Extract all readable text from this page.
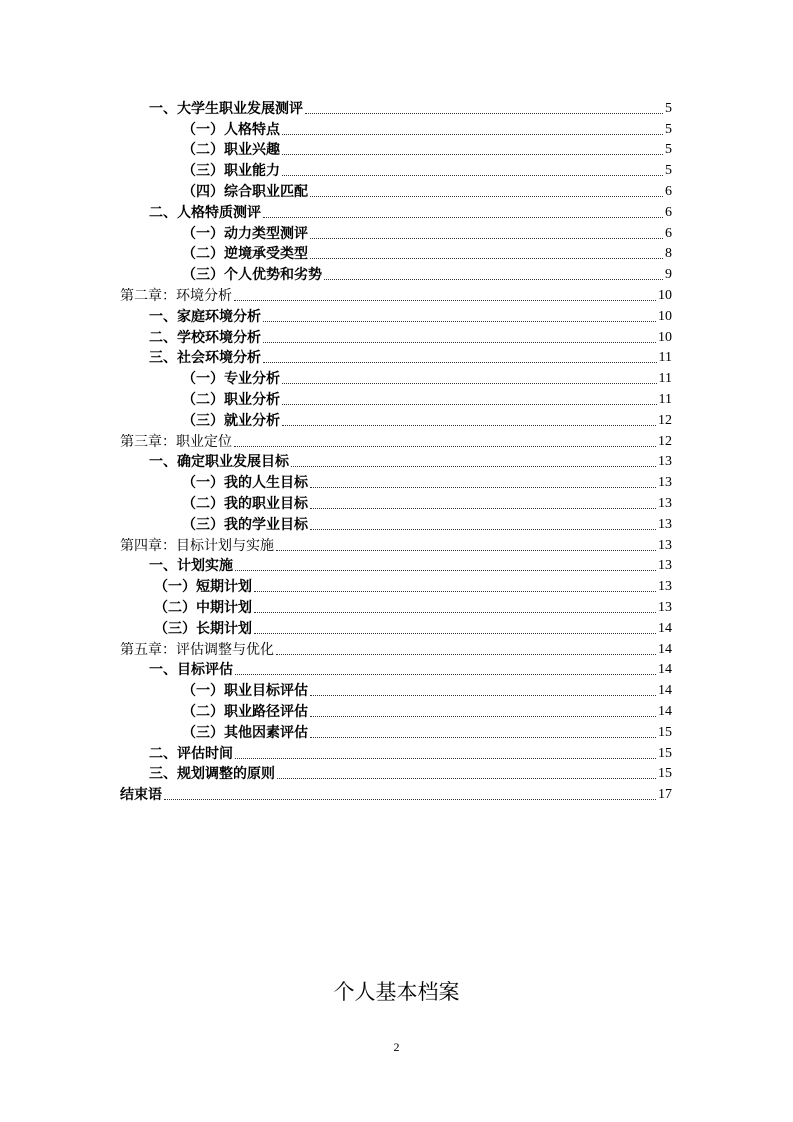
一、大学生职业发展测评	5
（一）人格特点	5
（二）职业兴趣	5
（三）职业能力	5
（四）综合职业匹配	6
二、人格特质测评	6
（一）动力类型测评	6
（二）逆境承受类型	8
（三）个人优势和劣势	9
第二章：环境分析	10
一、家庭环境分析	10
二、学校环境分析	10
三、社会环境分析	11
（一）专业分析	11
（二）职业分析	11
（三）就业分析	12
第三章：职业定位	12
一、确定职业发展目标	13
（一）我的人生目标	13
（二）我的职业目标	13
（三）我的学业目标	13
第四章：目标计划与实施	13
一、计划实施	13
（一）短期计划	13
（二）中期计划	13
（三）长期计划	14
第五章：评估调整与优化	14
一、目标评估	14
（一）职业目标评估	14
（二）职业路径评估	14
（三）其他因素评估	15
二、评估时间	15
三、规划调整的原则	15
结束语	17
个人基本档案
2
